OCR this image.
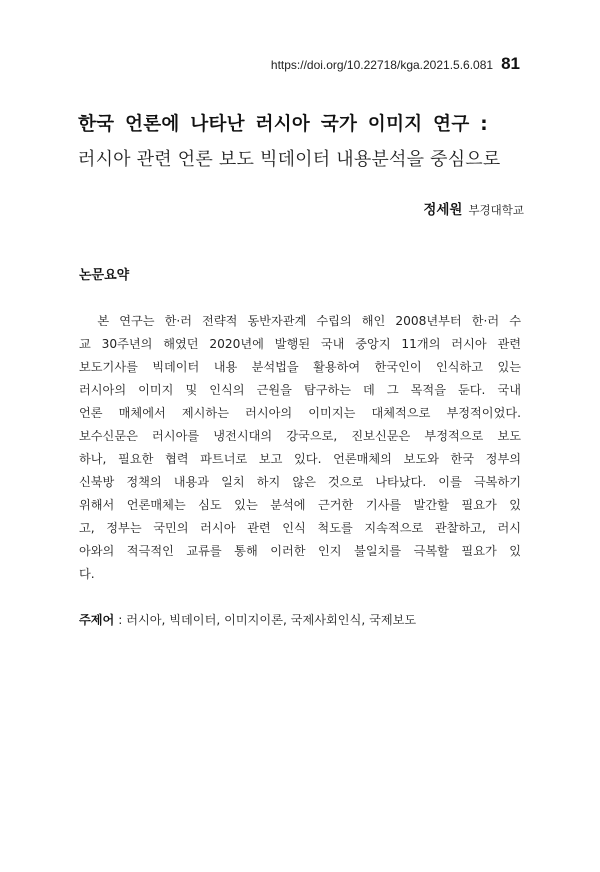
https://doi.org/10.22718/kga.2021.5.6.081 81
한국 언론에 나타난 러시아 국가 이미지 연구 :
러시아 관련 언론 보도 빅데이터 내용분석을 중심으로
정세원 부경대학교
논문요약
　본 연구는 한·러 전략적 동반자관계 수립의 해인 2008년부터 한·러 수
교 30주년의 해였던 2020년에 발행된 국내 중앙지 11개의 러시아 관련
보도기사를 빅데이터 내용 분석법을 활용하여 한국인이 인식하고 있는
러시아의 이미지 및 인식의 근원을 탐구하는 데 그 목적을 둔다. 국내
언론 매체에서 제시하는 러시아의 이미지는 대체적으로 부정적이었다.
보수신문은 러시아를 냉전시대의 강국으로, 진보신문은 부정적으로 보도
하나, 필요한 협력 파트너로 보고 있다. 언론매체의 보도와 한국 정부의
신북방 정책의 내용과 일치 하지 않은 것으로 나타났다. 이를 극복하기
위해서 언론매체는 심도 있는 분석에 근거한 기사를 발간할 필요가 있
고, 정부는 국민의 러시아 관련 인식 척도를 지속적으로 관찰하고, 러시
아와의 적극적인 교류를 통해 이러한 인지 불일치를 극복할 필요가 있
다.
주제어 : 러시아, 빅데이터, 이미지이론, 국제사회인식, 국제보도
